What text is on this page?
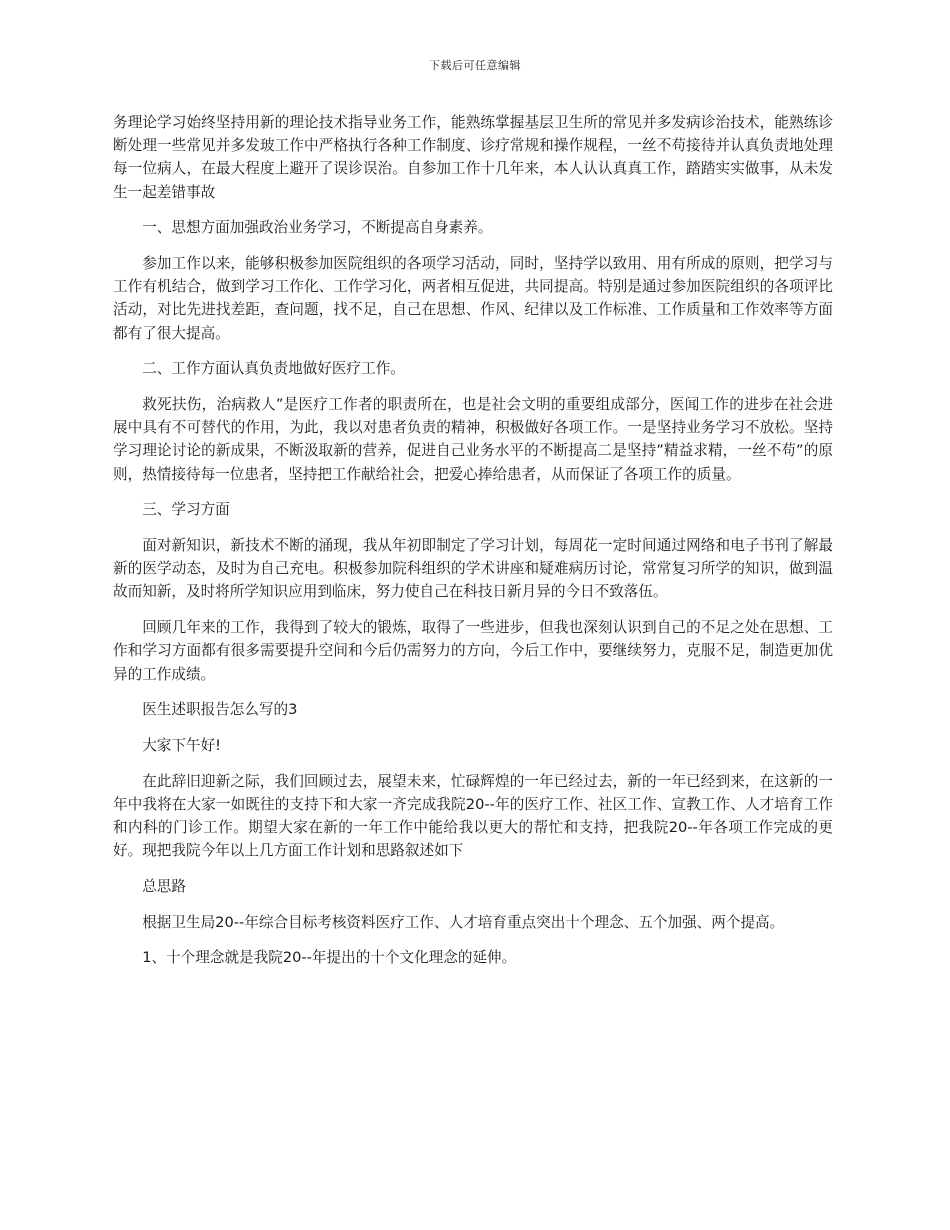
下载后可任意编辑

务理论学习始终坚持用新的理论技术指导业务工作，能熟练掌握基层卫生所的常见并多发病诊治技术，能熟练诊断处理一些常见并多发玻工作中严格执行各种工作制度、诊疗常规和操作规程，一丝不苟接待并认真负责地处理每一位病人，在最大程度上避开了误诊误治。自参加工作十几年来，本人认认真真工作，踏踏实实做事，从未发生一起差错事故

一、思想方面加强政治业务学习，不断提高自身素养。

参加工作以来，能够积极参加医院组织的各项学习活动，同时，坚持学以致用、用有所成的原则，把学习与工作有机结合，做到学习工作化、工作学习化，两者相互促进，共同提高。特别是通过参加医院组织的各项评比活动，对比先进找差距，查问题，找不足，自己在思想、作风、纪律以及工作标准、工作质量和工作效率等方面都有了很大提高。

二、工作方面认真负责地做好医疗工作。

救死扶伤，治病救人”是医疗工作者的职责所在，也是社会文明的重要组成部分，医闻工作的进步在社会进展中具有不可替代的作用，为此，我以对患者负责的精神，积极做好各项工作。一是坚持业务学习不放松。坚持学习理论讨论的新成果，不断汲取新的营养，促进自己业务水平的不断提高二是坚持”精益求精，一丝不苟”的原则，热情接待每一位患者，坚持把工作献给社会，把爱心捧给患者，从而保证了各项工作的质量。

三、学习方面

面对新知识，新技术不断的涌现，我从年初即制定了学习计划，每周花一定时间通过网络和电子书刊了解最新的医学动态，及时为自己充电。积极参加院科组织的学术讲座和疑难病历讨论，常常复习所学的知识，做到温故而知新，及时将所学知识应用到临床，努力使自己在科技日新月异的今日不致落伍。

回顾几年来的工作，我得到了较大的锻炼，取得了一些进步，但我也深刻认识到自己的不足之处在思想、工作和学习方面都有很多需要提升空间和今后仍需努力的方向，今后工作中，要继续努力，克服不足，制造更加优异的工作成绩。

医生述职报告怎么写的3

大家下午好!

在此辞旧迎新之际，我们回顾过去，展望未来，忙碌辉煌的一年已经过去，新的一年已经到来，在这新的一年中我将在大家一如既往的支持下和大家一齐完成我院20--年的医疗工作、社区工作、宣教工作、人才培育工作和内科的门诊工作。期望大家在新的一年工作中能给我以更大的帮忙和支持，把我院20--年各项工作完成的更好。现把我院今年以上几方面工作计划和思路叙述如下

总思路

根据卫生局20--年综合目标考核资料医疗工作、人才培育重点突出十个理念、五个加强、两个提高。

1、十个理念就是我院20--年提出的十个文化理念的延伸。
